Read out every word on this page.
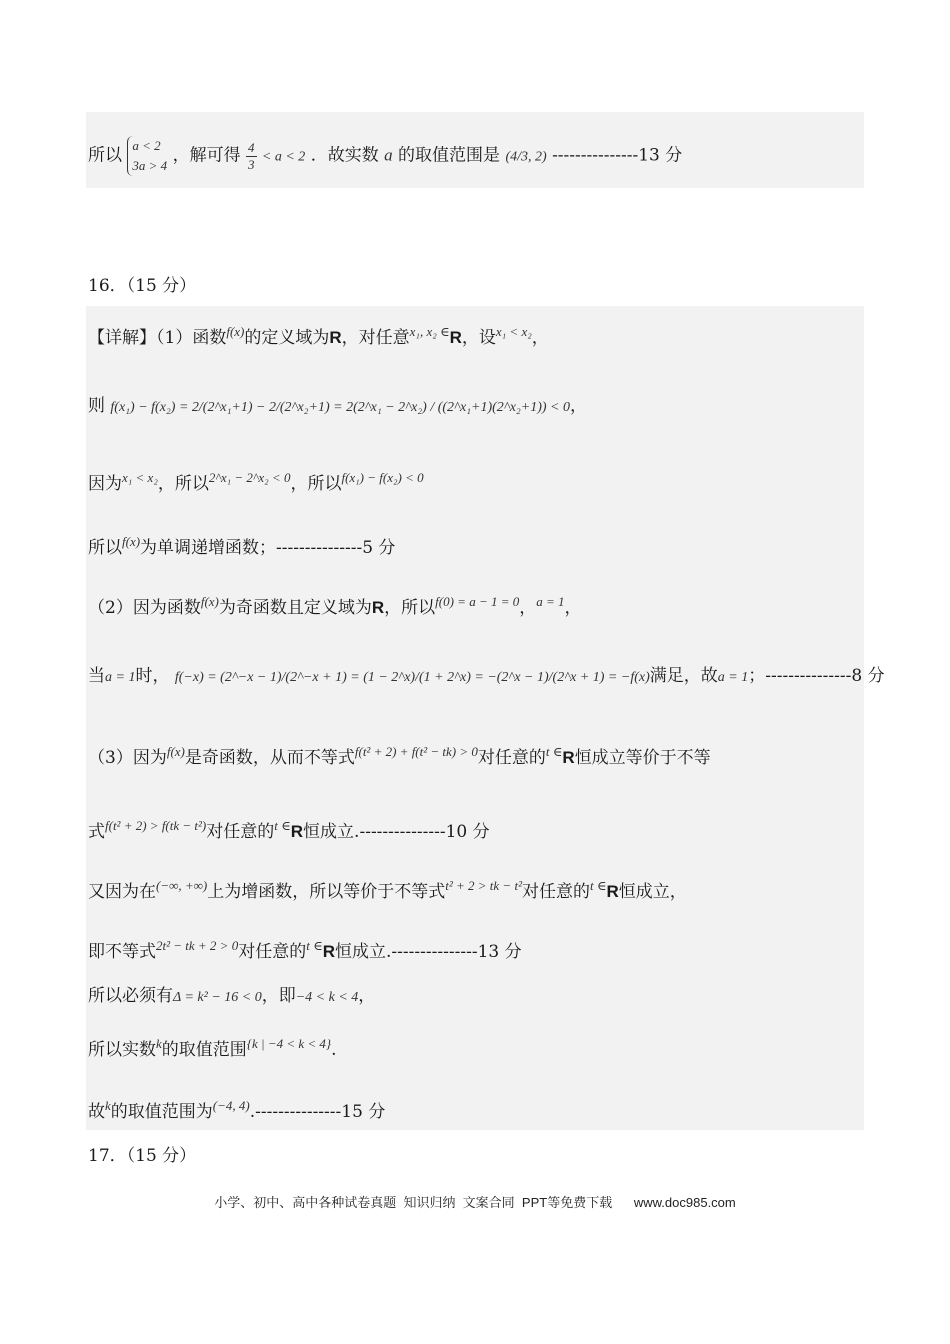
所以 a < 2
3a > 4 ，解可得 $\frac{4}{3} < a < 2$ ．故实数 a 的取值范围是 (4/3, 2) ---------------13 分
16．（15 分）
【详解】（1）函数$^{f(x)}$的定义域为R，对任意$^{x_1, x_2 \in}$R，设$^{x_1 < x_2}$，
则 f(x₁) − f(x₂) = 2/(2^x₁+1) − 2/(2^x₂+1) = 2(2^x₁ − 2^x₂) / ((2^x₁+1)(2^x₂+1)) < 0，
因为$^{x_1 < x_2}$，所以$^{2\^{}x_1 - 2\^{}x_2 < 0}$，所以$^{f(x_1) - f(x_2) < 0}$
所以$^{f(x)}$为单调递增函数；---------------5 分
（2）因为函数$^{f(x)}$为奇函数且定义域为R，所以$^{f(0) = a - 1 = 0}$，$^{a = 1}$，
当a = 1时， f(−x) = (2^−x − 1)/(2^−x + 1) = (1 − 2^x)/(1 + 2^x) = −(2^x − 1)/(2^x + 1) = −f(x)满足，故a = 1；---------------8 分
（3）因为$^{f(x)}$是奇函数，从而不等式$^{f(t^2 + 2) + f(t^2 - tk) > 0}$对任意的$^{t \in}$R恒成立等价于不等
式$^{f(t^2 + 2) > f(tk - t^2)}$对任意的$^{t \in}$R恒成立.---------------10 分
又因为在(−∞, +∞)上为增函数，所以等价于不等式$^{t^2 + 2 > tk - t^2}$对任意的$^{t \in}$R恒成立，
即不等式$^{2t^2 - tk + 2 > 0}$对任意的$^{t \in}$R恒成立.---------------13 分
所以必须有Δ = k² − 16 < 0，即−4 < k < 4，
所以实数$^k$的取值范围$^{\{k | -4 < k < 4\}}$.
故$^k$的取值范围为$^{(-4, 4)}$.---------------15 分
17．（15 分）
小学、初中、高中各种试卷真题  知识归纳  文案合同  PPT等免费下载      www.doc985.com
